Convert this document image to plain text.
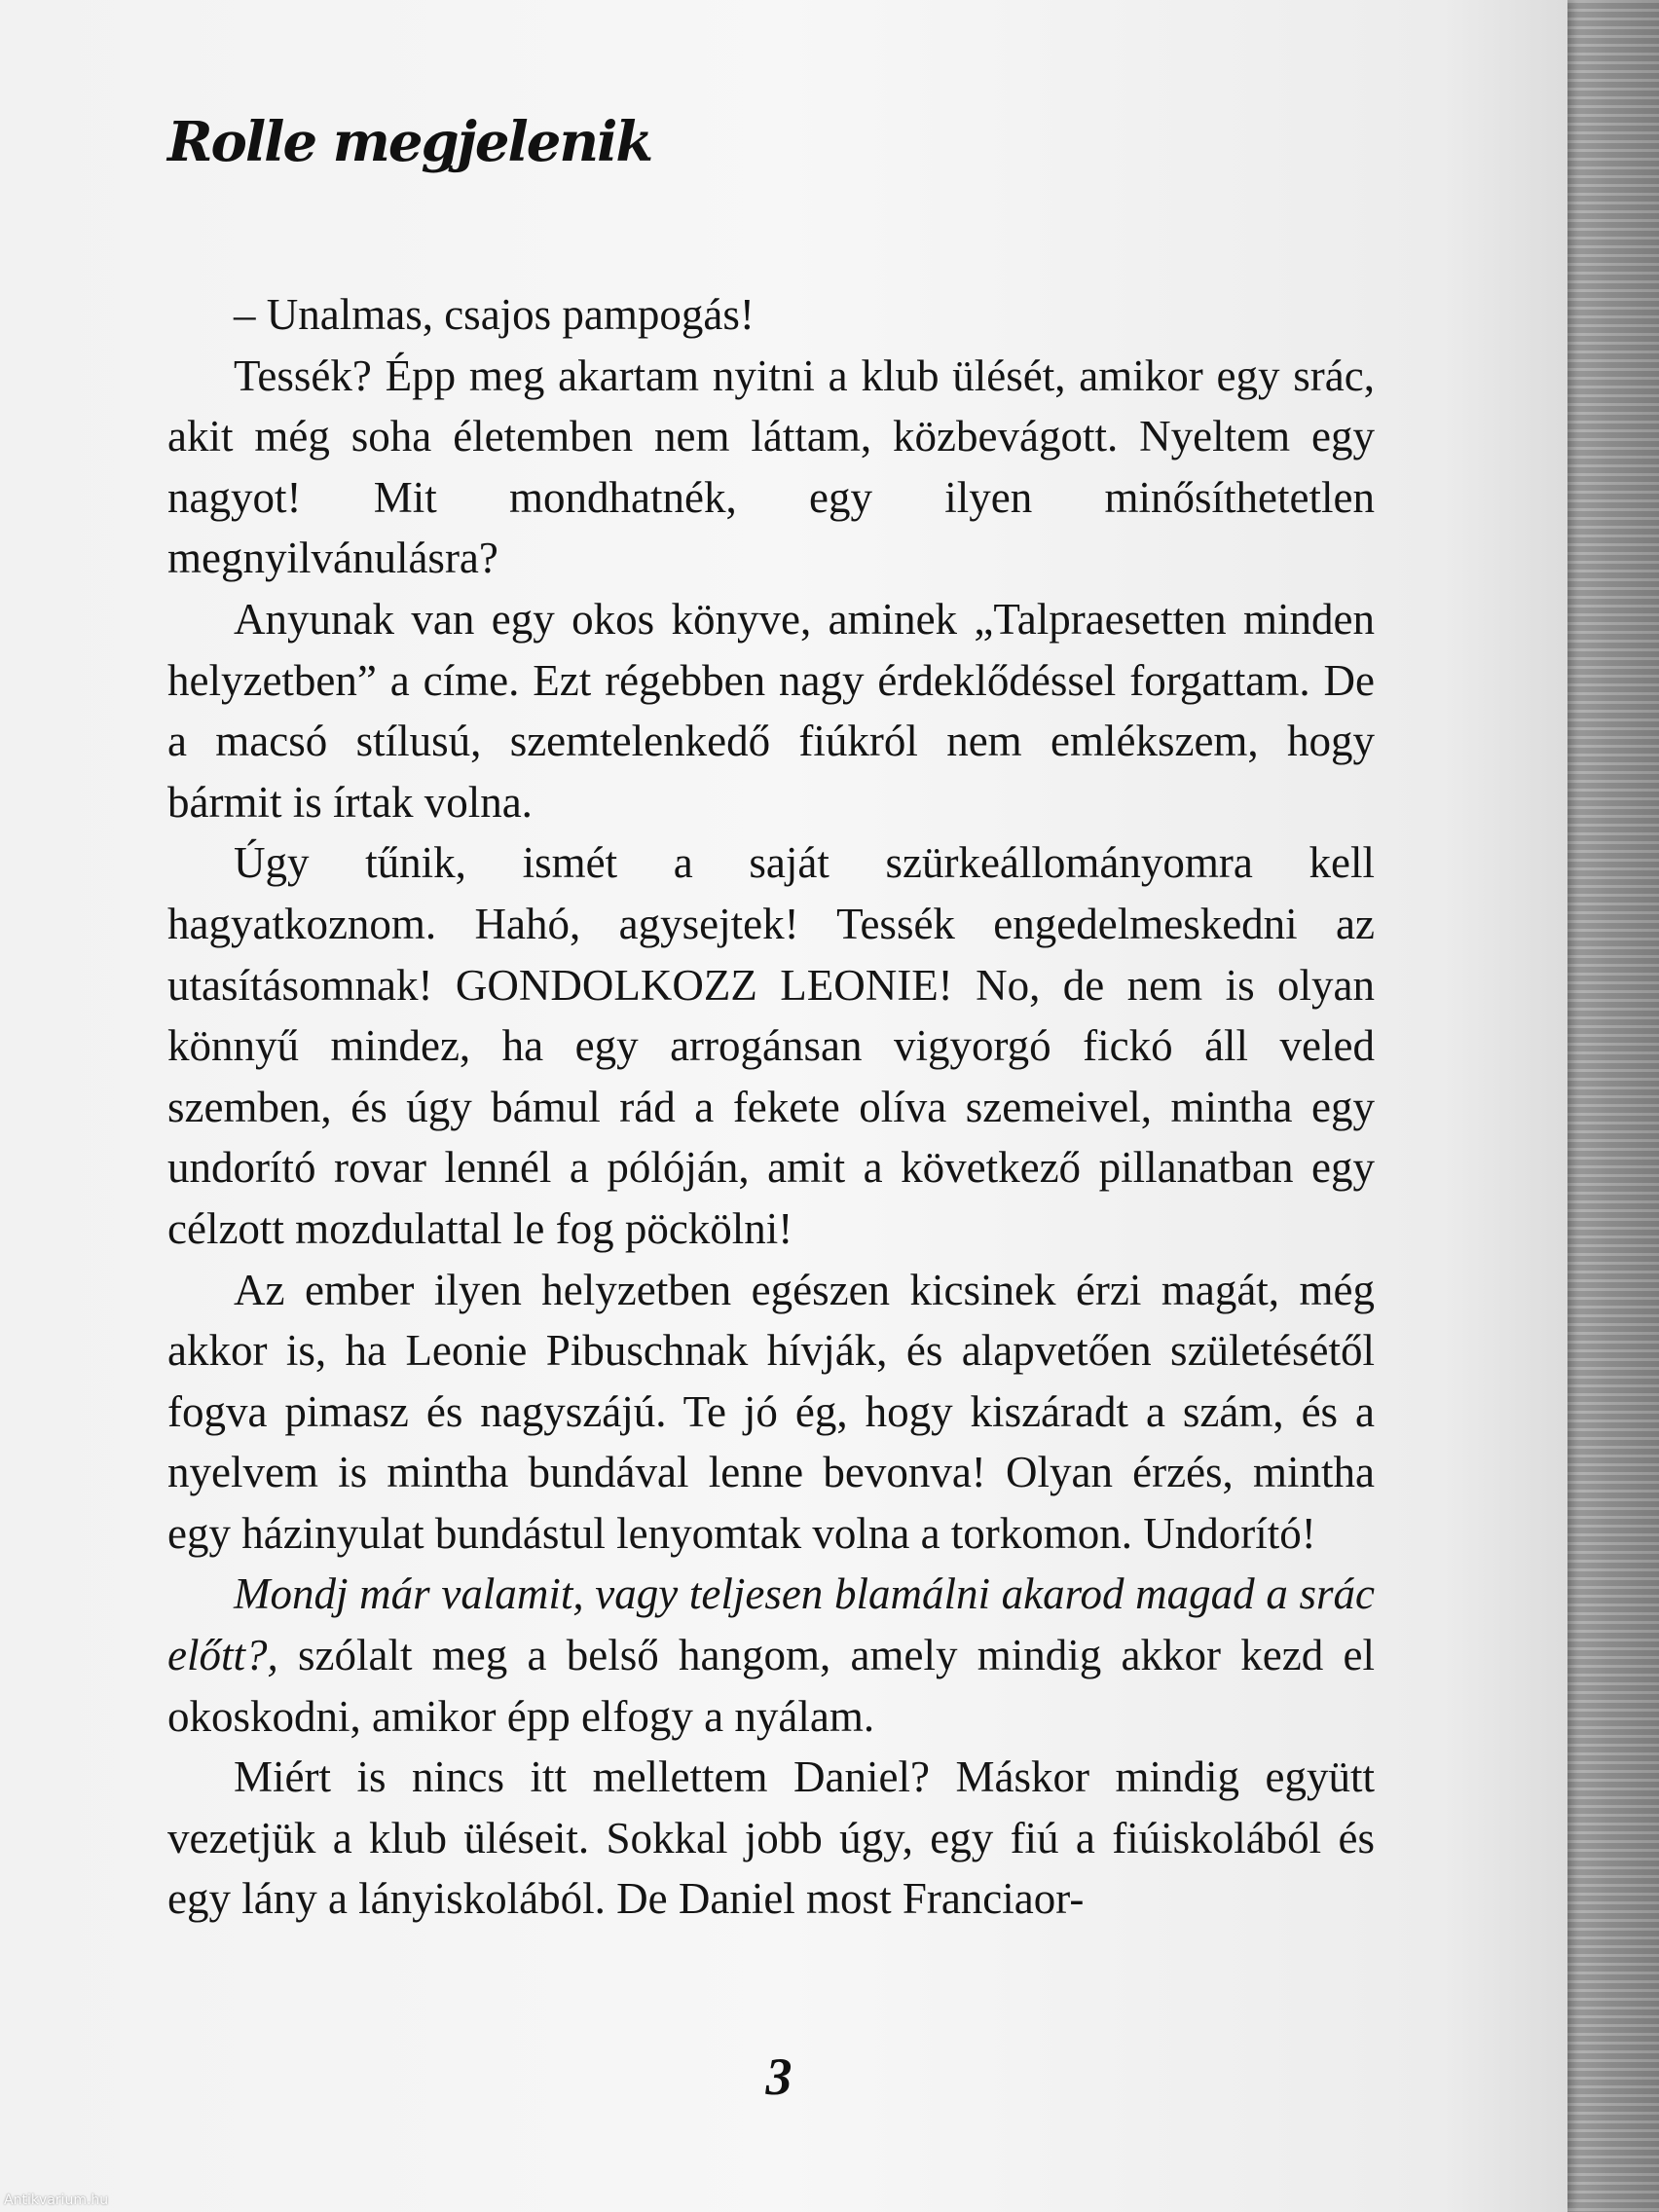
Rolle megjelenik

– Unalmas, csajos pampogás!

Tessék? Épp meg akartam nyitni a klub ülését, amikor egy srác, akit még soha életemben nem láttam, közbevágott. Nyeltem egy nagyot! Mit mondhatnék, egy ilyen minősíthetetlen megnyilvánulásra?

Anyunak van egy okos könyve, aminek „Talpraesetten minden helyzetben” a címe. Ezt régebben nagy érdeklődéssel forgattam. De a macsó stílusú, szemtelenkedő fiúkról nem emlékszem, hogy bármit is írtak volna.

Úgy tűnik, ismét a saját szürkeállományomra kell hagyatkoznom. Hahó, agysejtek! Tessék engedelmeskedni az utasításomnak! GONDOLKOZZ LEONIE! No, de nem is olyan könnyű mindez, ha egy arrogánsan vigyorgó fickó áll veled szemben, és úgy bámul rád a fekete olíva szemeivel, mintha egy undorító rovar lennél a pólóján, amit a következő pillanatban egy célzott mozdulattal le fog pöckölni!

Az ember ilyen helyzetben egészen kicsinek érzi magát, még akkor is, ha Leonie Pibuschnak hívják, és alapvetően születésétől fogva pimasz és nagyszájú. Te jó ég, hogy kiszáradt a szám, és a nyelvem is mintha bundával lenne bevonva! Olyan érzés, mintha egy házinyulat bundástul lenyomtak volna a torkomon. Undorító!

Mondj már valamit, vagy teljesen blamálni akarod magad a srác előtt?, szólalt meg a belső hangom, amely mindig akkor kezd el okoskodni, amikor épp elfogy a nyálam.

Miért is nincs itt mellettem Daniel? Máskor mindig együtt vezetjük a klub üléseit. Sokkal jobb úgy, egy fiú a fiúiskolából és egy lány a lányiskolából. De Daniel most Franciaor-

3
Antikvarium.hu
